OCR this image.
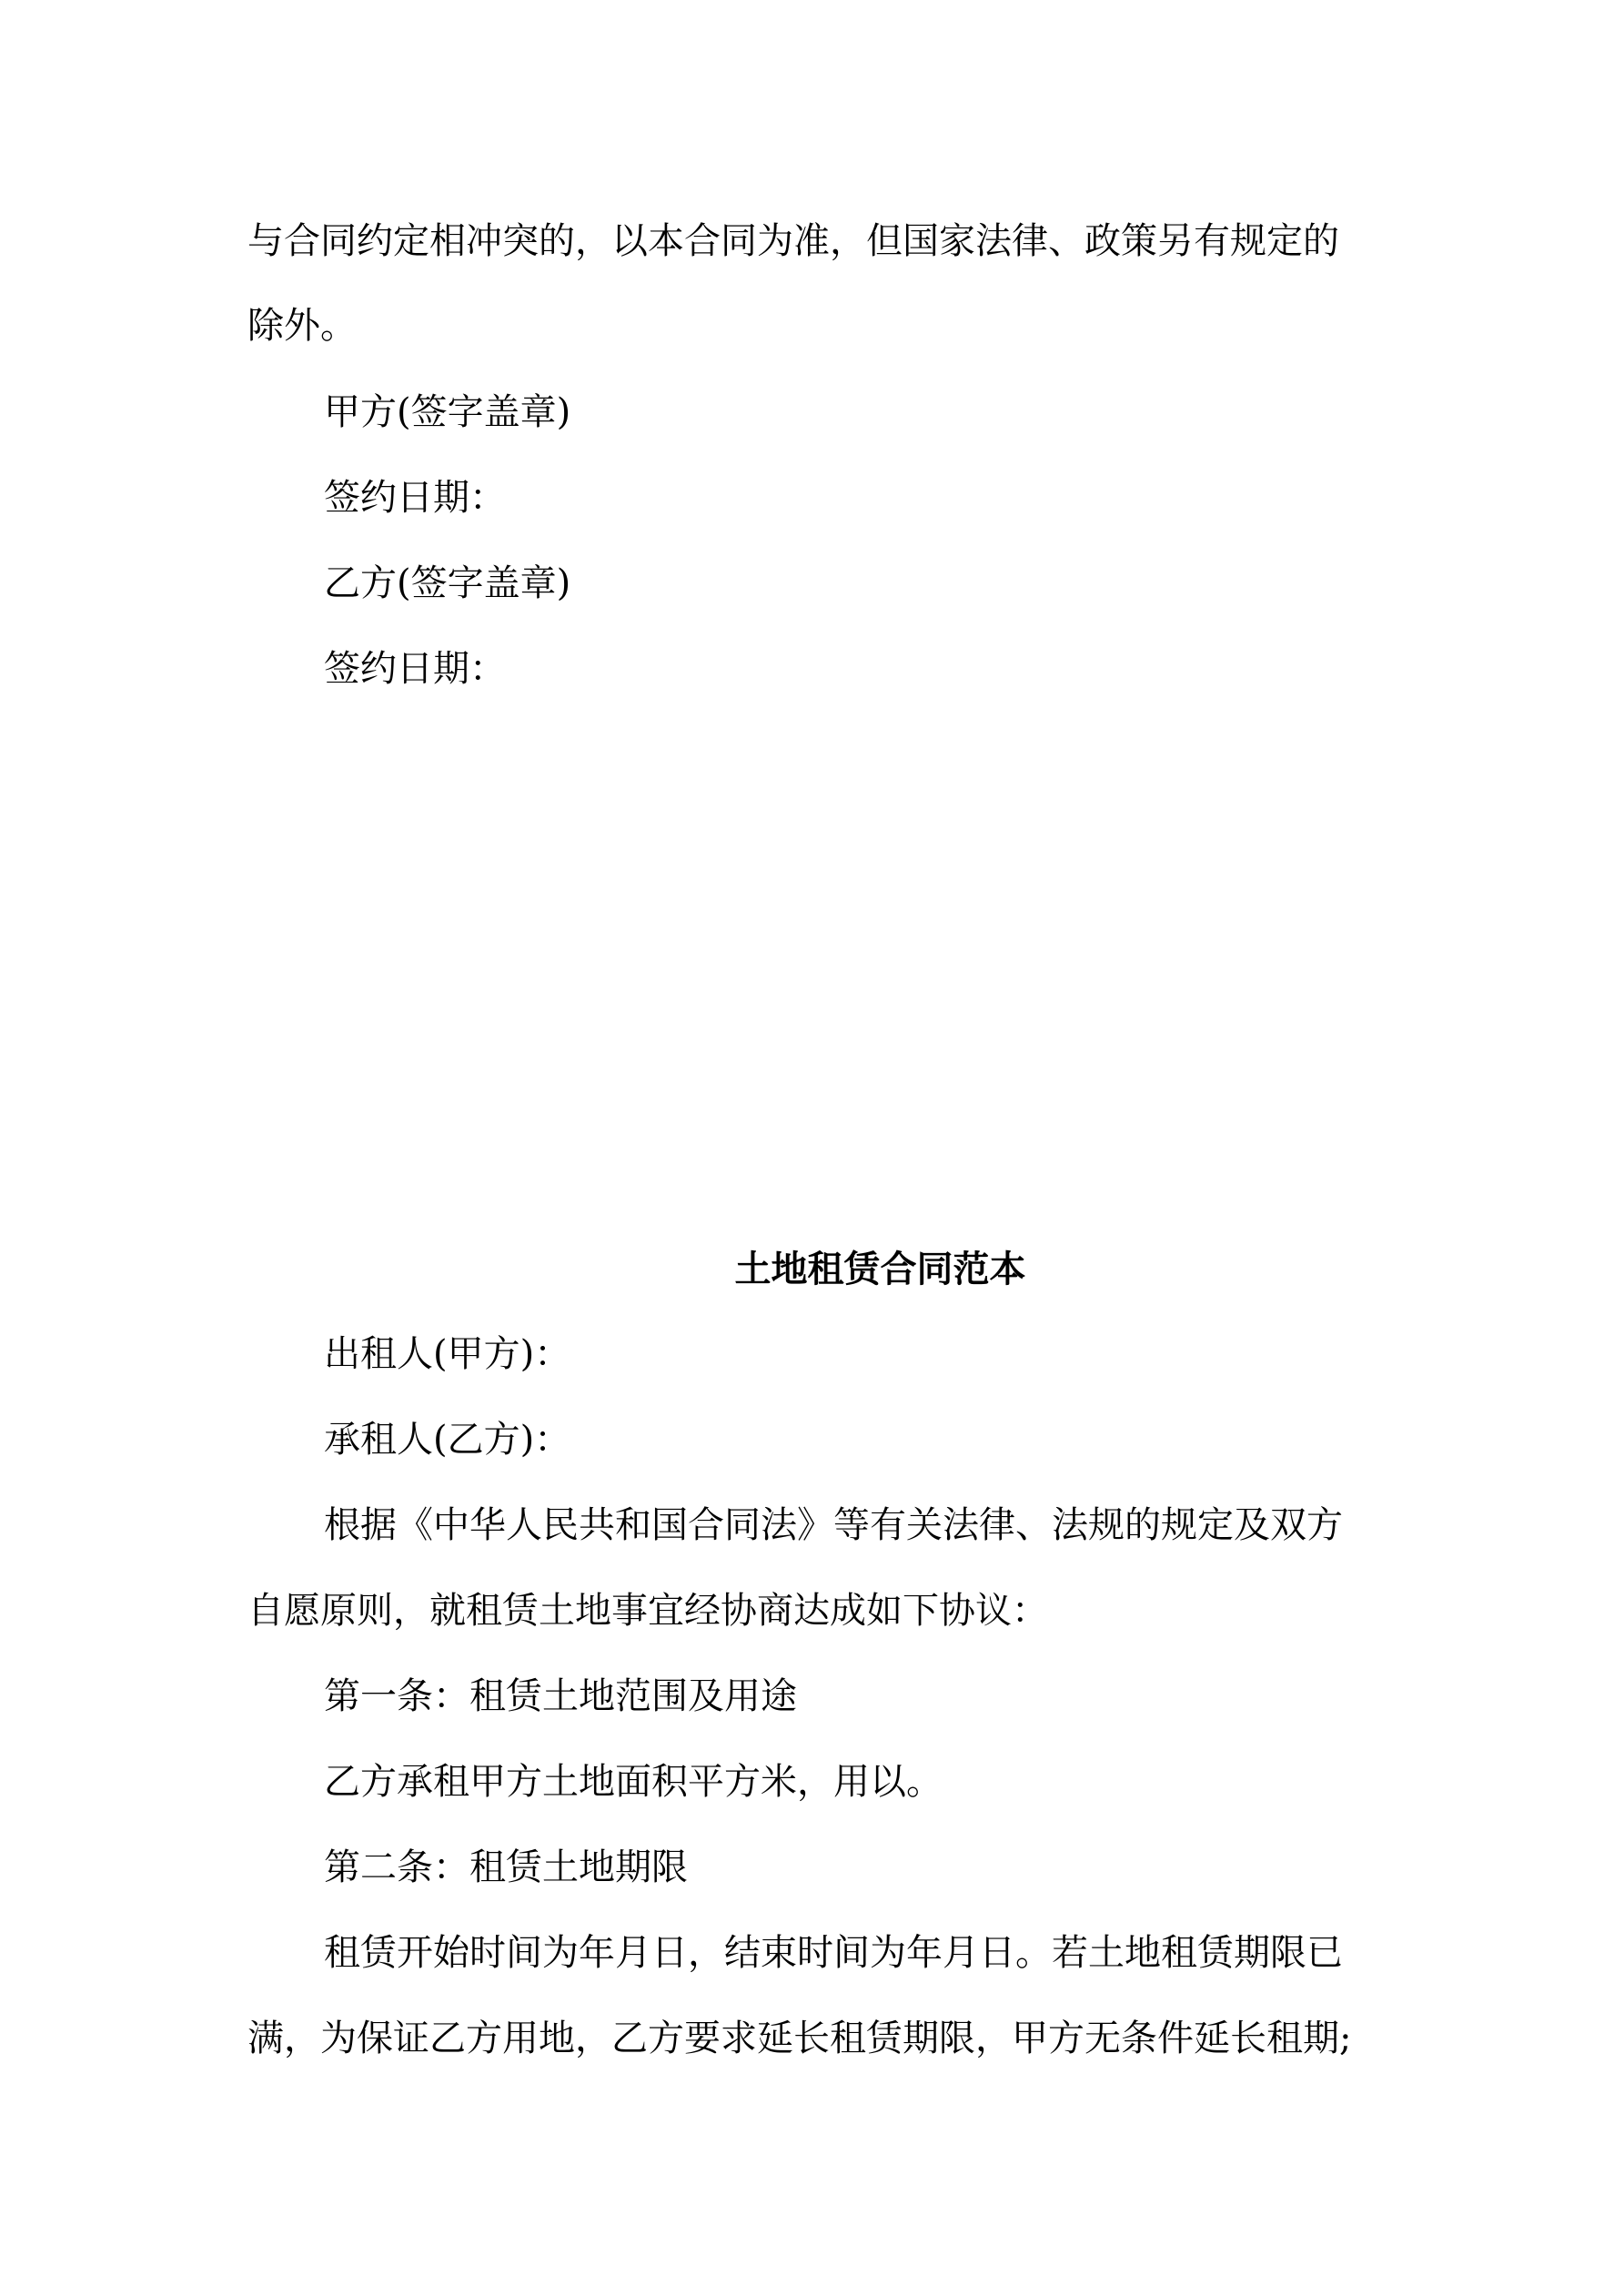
与合同约定相冲突的，以本合同为准，但国家法律、政策另有规定的
除外。
甲方(签字盖章)
签约日期：
乙方(签字盖章)
签约日期：
土地租赁合同范本
出租人(甲方)：
承租人(乙方)：
根据《中华人民共和国合同法》等有关法律、法规的规定及双方
自愿原则，就租赁土地事宜经协商达成如下协议：
第一条：租赁土地范围及用途
乙方承租甲方土地面积平方米，用以。
第二条：租赁土地期限
租赁开始时间为年月日，结束时间为年月日。若土地租赁期限已
满，为保证乙方用地，乙方要求延长租赁期限，甲方无条件延长租期;
